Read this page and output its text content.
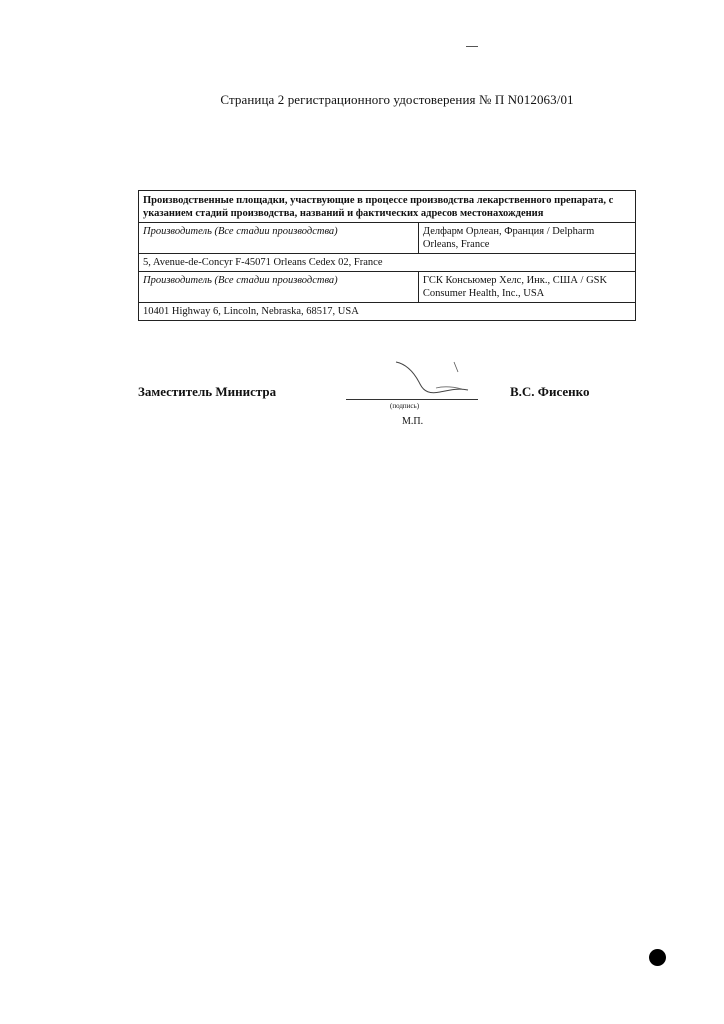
Страница 2 регистрационного удостоверения № П N012063/01
Производственные площадки, участвующие в процессе производства лекарственного препарата, с указанием стадий производства, названий и фактических адресов местонахождения	
Производитель (Все стадии производства)	Делфарм Орлеан, Франция / Delpharm Orleans, France
5, Avenue-de-Concyr F-45071 Orleans Cedex 02, France	
Производитель (Все стадии производства)	ГСК Консьюмер Хелс, Инк., США / GSK Consumer Health, Inc., USA
10401 Highway 6, Lincoln, Nebraska, 68517, USA	
Заместитель Министра
(подпись)
М.П.
В.С. Фисенко
